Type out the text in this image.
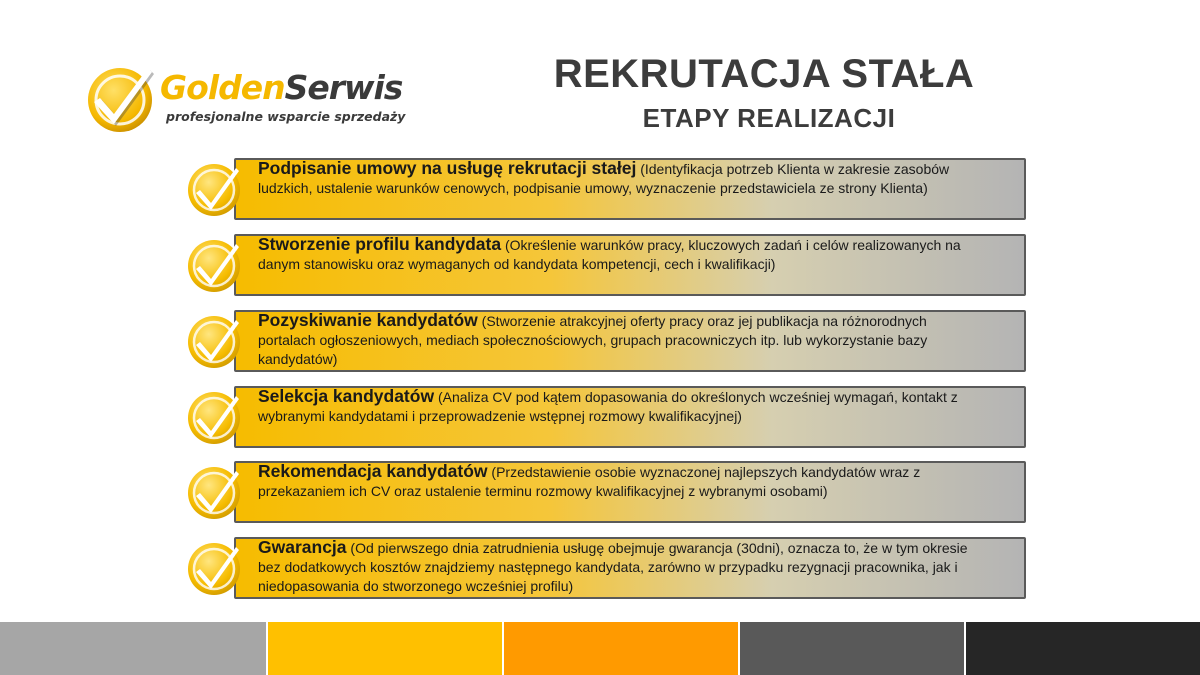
GoldenSerwis
profesjonalne wsparcie sprzedaży
REKRUTACJA STAŁA
ETAPY REALIZACJI
Podpisanie umowy na usługę rekrutacji stałej (Identyfikacja potrzeb Klienta w zakresie zasobów ludzkich, ustalenie warunków cenowych, podpisanie umowy, wyznaczenie przedstawiciela ze strony Klienta)
Stworzenie profilu kandydata (Określenie warunków pracy, kluczowych zadań i celów realizowanych na danym stanowisku oraz wymaganych od kandydata kompetencji, cech i kwalifikacji)
Pozyskiwanie kandydatów (Stworzenie atrakcyjnej oferty pracy oraz jej publikacja na różnorodnych portalach ogłoszeniowych, mediach społecznościowych, grupach pracowniczych itp. lub wykorzystanie bazy kandydatów)
Selekcja kandydatów (Analiza CV pod kątem dopasowania do określonych wcześniej wymagań, kontakt z wybranymi kandydatami i przeprowadzenie wstępnej rozmowy kwalifikacyjnej)
Rekomendacja kandydatów (Przedstawienie osobie wyznaczonej najlepszych kandydatów wraz z przekazaniem ich CV oraz ustalenie terminu rozmowy kwalifikacyjnej z wybranymi osobami)
Gwarancja (Od pierwszego dnia zatrudnienia usługę obejmuje gwarancja (30dni), oznacza to, że w tym okresie bez dodatkowych kosztów znajdziemy następnego kandydata, zarówno w przypadku rezygnacji pracownika, jak i niedopasowania do stworzonego wcześniej profilu)
